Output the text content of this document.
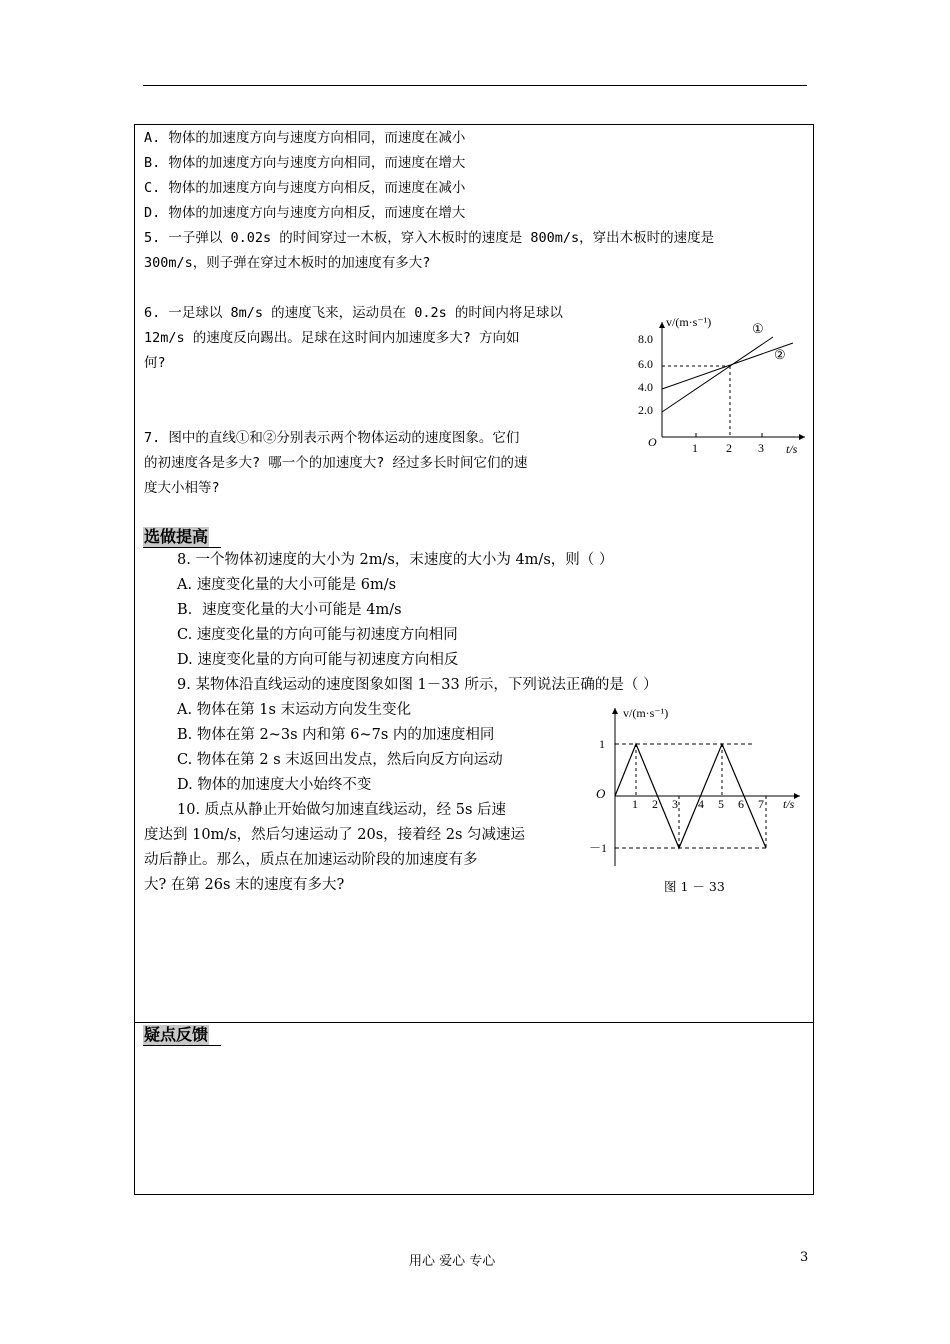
A. 物体的加速度方向与速度方向相同，而速度在减小
B. 物体的加速度方向与速度方向相同，而速度在增大
C. 物体的加速度方向与速度方向相反，而速度在减小
D. 物体的加速度方向与速度方向相反，而速度在增大
5. 一子弹以 0.02s 的时间穿过一木板，穿入木板时的速度是 800m/s，穿出木板时的速度是
300m/s，则子弹在穿过木板时的加速度有多大?
6. 一足球以 8m/s 的速度飞来，运动员在 0.2s 的时间内将足球以
12m/s 的速度反向踢出。足球在这时间内加速度多大? 方向如
何?
7. 图中的直线①和②分别表示两个物体运动的速度图象。它们
的初速度各是多大? 哪一个的加速度大? 经过多长时间它们的速
度大小相等?
v/(m·s⁻¹)
t/s
O
8.0
6.0
4.0
2.0
1 2 3
①
②
选做提高
8. 一个物体初速度的大小为 2m/s，末速度的大小为 4m/s，则（ ）
A. 速度变化量的大小可能是 6m/s
B．速度变化量的大小可能是 4m/s
C. 速度变化量的方向可能与初速度方向相同
D. 速度变化量的方向可能与初速度方向相反
9. 某物体沿直线运动的速度图象如图 1－33 所示，下列说法正确的是（ ）
A. 物体在第 1s 末运动方向发生变化
B. 物体在第 2~3s 内和第 6~7s 内的加速度相同
C. 物体在第 2 s 末返回出发点，然后向反方向运动
D. 物体的加速度大小始终不变
10. 质点从静止开始做匀加速直线运动，经 5s 后速
度达到 10m/s，然后匀速运动了 20s，接着经 2s 匀减速运
动后静止。那么，质点在加速运动阶段的加速度有多
大? 在第 26s 末的速度有多大?
v/(m·s⁻¹)
t/s
O
1
－1
1 2 3 4 5 6 7
图 1 － 33
疑点反馈
用心 爱心 专心	3
